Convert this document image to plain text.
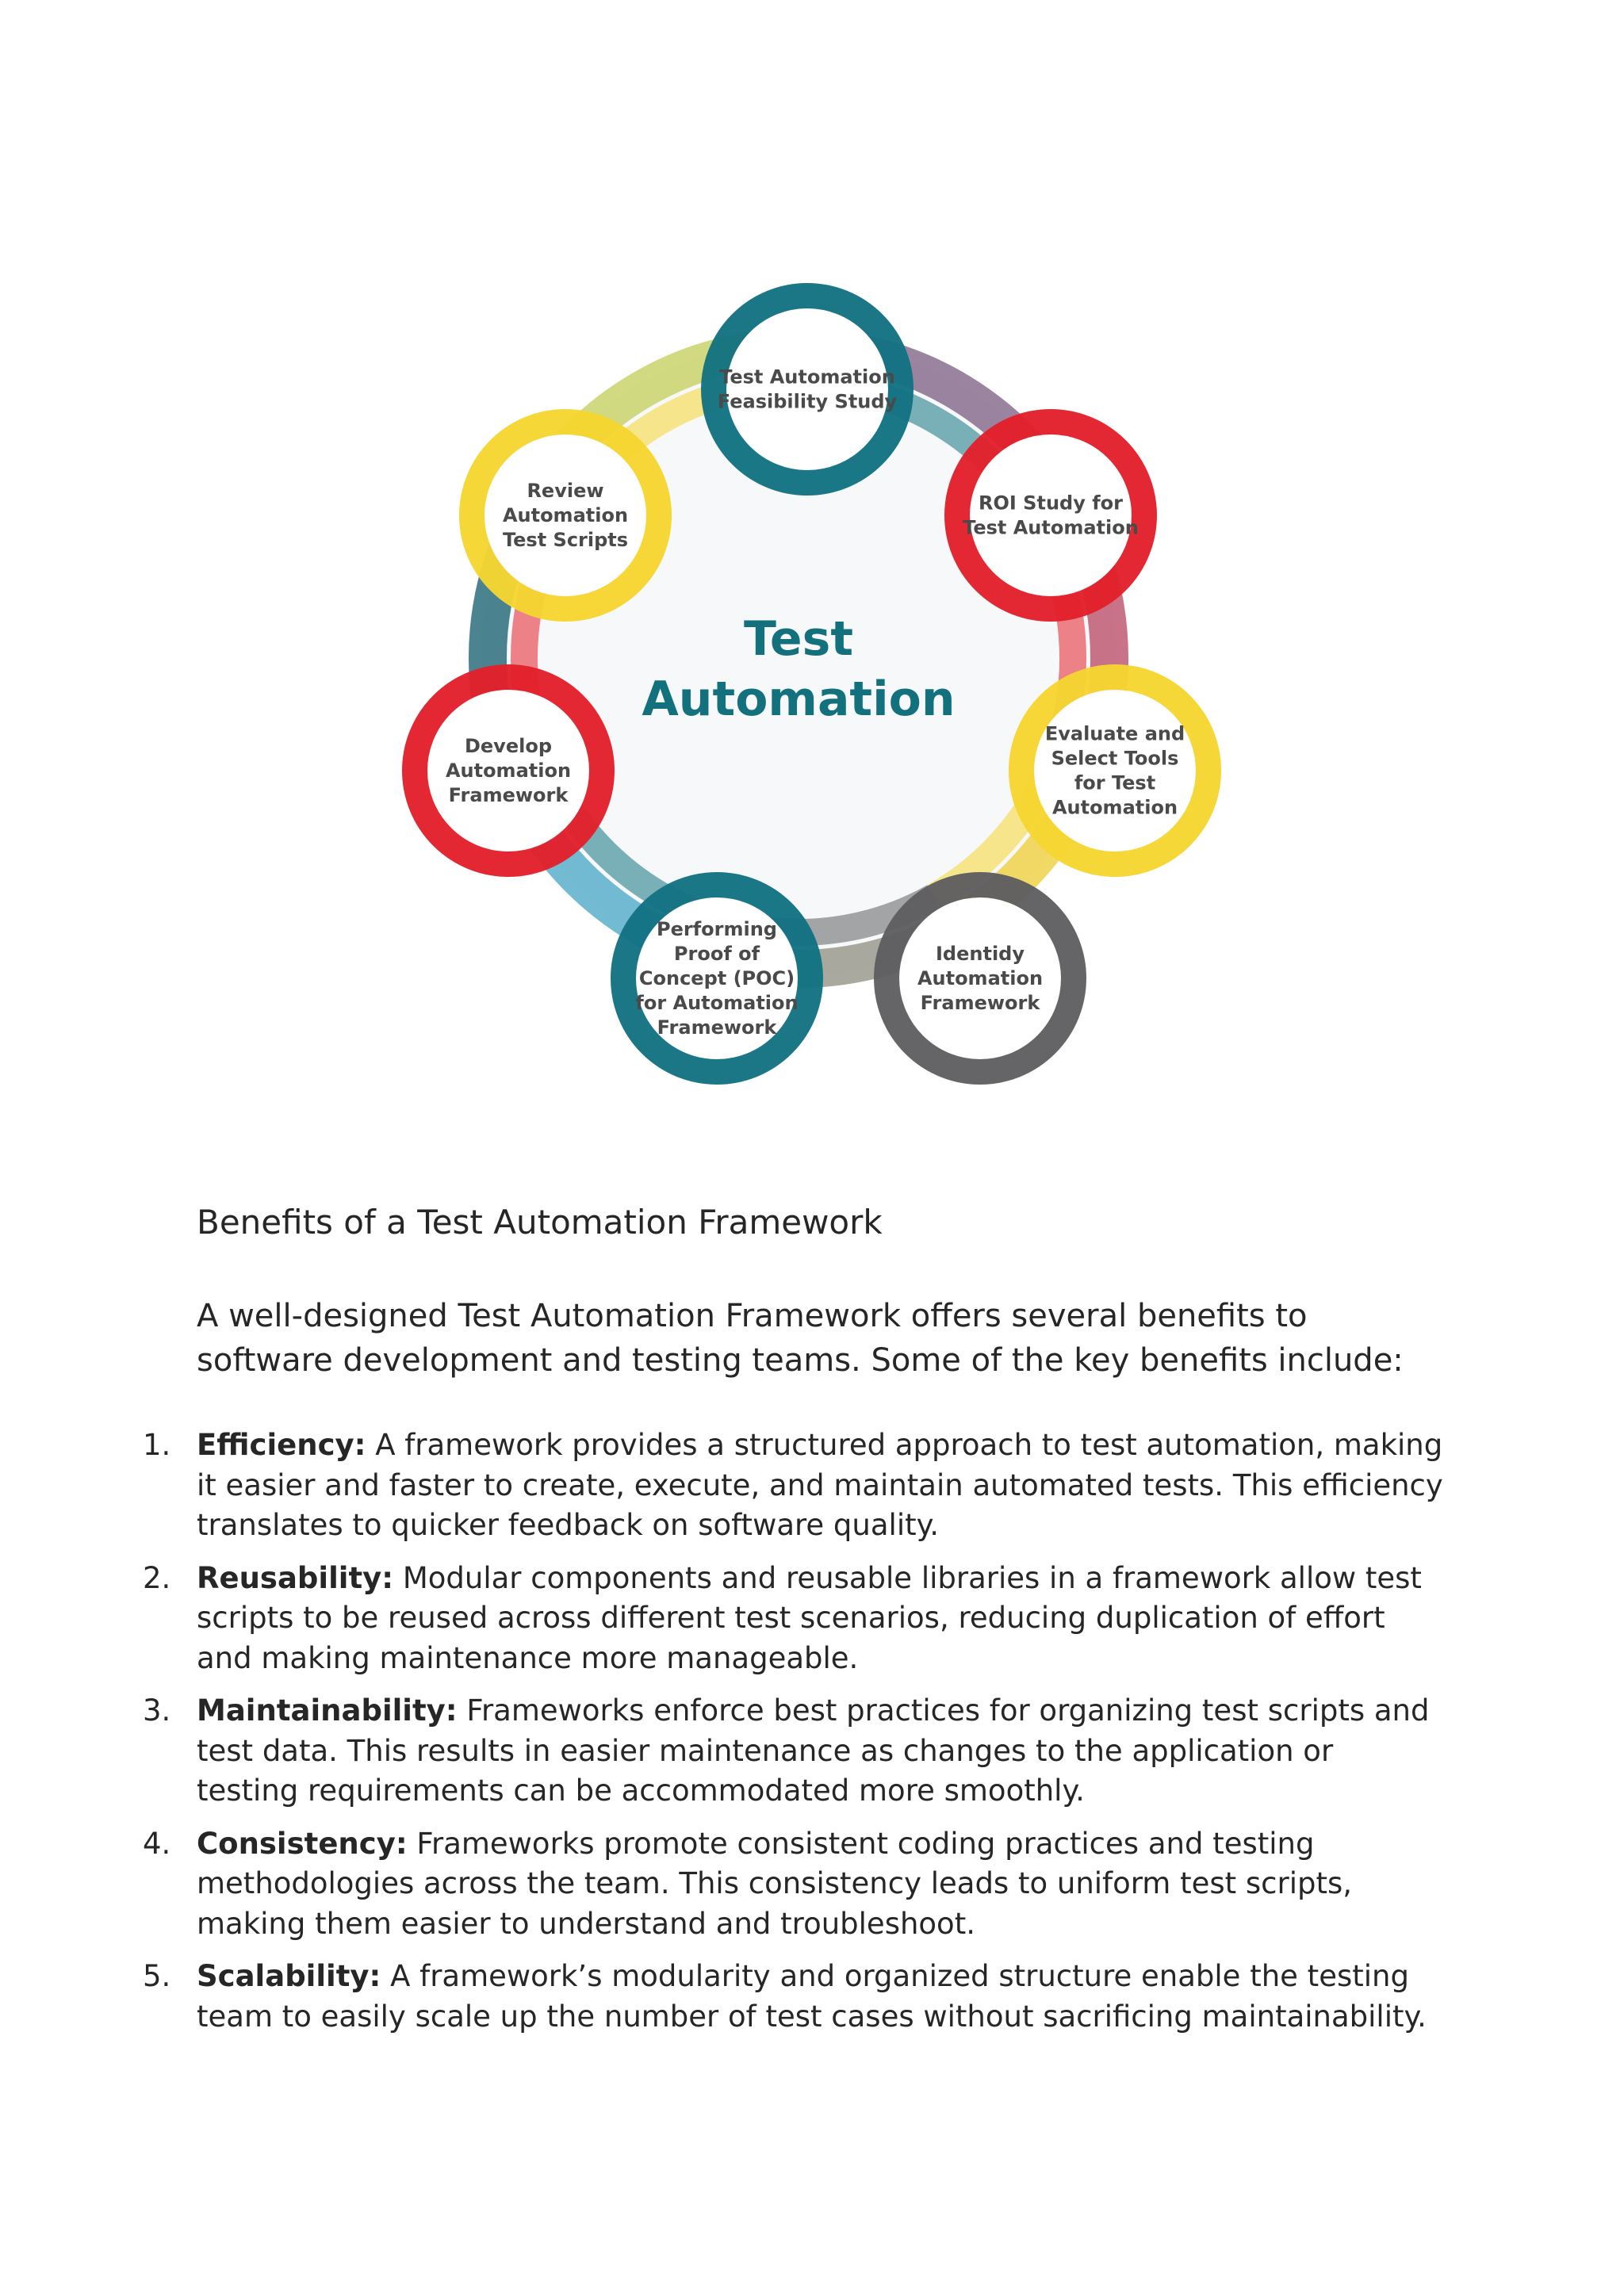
Test
Automation
Test Automation
Feasibility Study
ROI Study for
Test Automation
Evaluate and
Select Tools
for Test
Automation
Identidy
Automation
Framework
Performing
Proof of
Concept (POC)
for Automation
Framework
Develop
Automation
Framework
Review
Automation
Test Scripts
Benefits of a Test Automation Framework

A well-designed Test Automation Framework offers several benefits to software development and testing teams. Some of the key benefits include:

1. Efficiency: A framework provides a structured approach to test automation, making it easier and faster to create, execute, and maintain automated tests. This efficiency translates to quicker feedback on software quality.
2. Reusability: Modular components and reusable libraries in a framework allow test scripts to be reused across different test scenarios, reducing duplication of effort and making maintenance more manageable.
3. Maintainability: Frameworks enforce best practices for organizing test scripts and test data. This results in easier maintenance as changes to the application or testing requirements can be accommodated more smoothly.
4. Consistency: Frameworks promote consistent coding practices and testing methodologies across the team. This consistency leads to uniform test scripts, making them easier to understand and troubleshoot.
5. Scalability: A framework’s modularity and organized structure enable the testing team to easily scale up the number of test cases without sacrificing maintainability.
